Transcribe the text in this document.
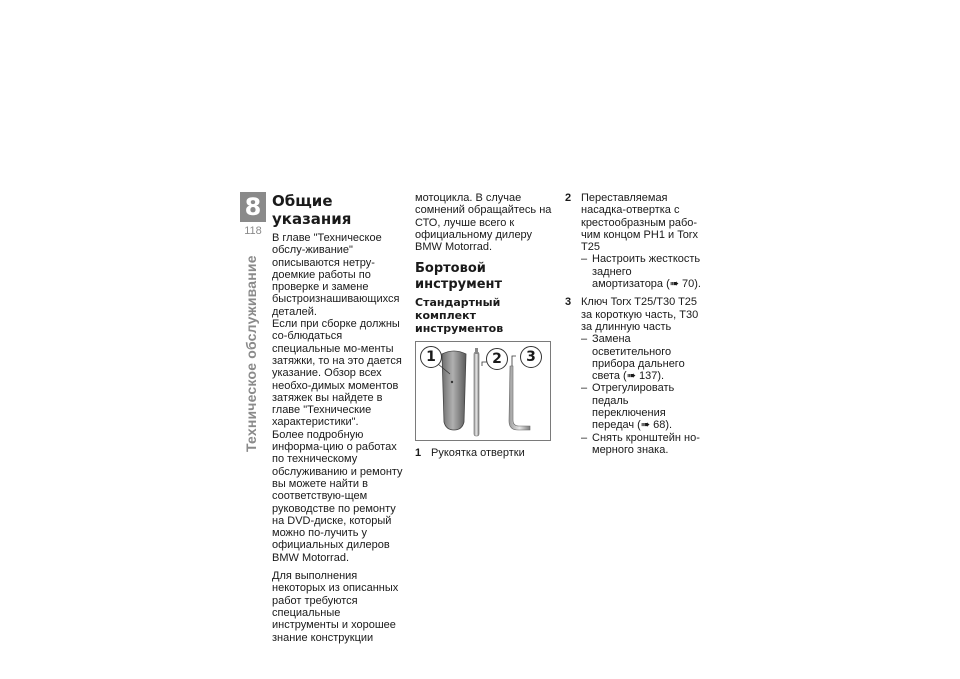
8
118
Техническое обслуживание
Общие указания

В главе "Техническое обслу-живание" описываются нетру-доемкие работы по проверке и замене быстроизнашивающихся деталей.

Если при сборке должны со-блюдаться специальные мо-менты затяжки, то на это дается указание. Обзор всех необхо-димых моментов затяжек вы найдете в главе "Технические характеристики".

Более подробную информа-цию о работах по техническому обслуживанию и ремонту вы можете найти в соответствую-щем руководстве по ремонту на DVD-диске, который можно по-лучить у официальных дилеров BMW Motorrad.

Для выполнения некоторых из описанных работ требуются специальные инструменты и хорошее знание конструкции

мотоцикла. В случае сомнений обращайтесь на СТО, лучше всего к официальному дилеру BMW Motorrad.

Бортовой инструмент
Стандартный комплект инструментов
1	2	3
1 Рукоятка отвертки
2 Переставляемая насадка-отвертка с крестообразным рабо-чим концом PH1 и Torx T25

– Настроить жесткость заднего амортизатора (➠ 70).
3 Ключ Torx T25/T30 T25 за короткую часть, T30 за длинную часть

– Замена осветительного прибора дальнего света (➠ 137).
– Отрегулировать педаль переключения передач (➠ 68).
– Снять кронштейн но-мерного знака.
